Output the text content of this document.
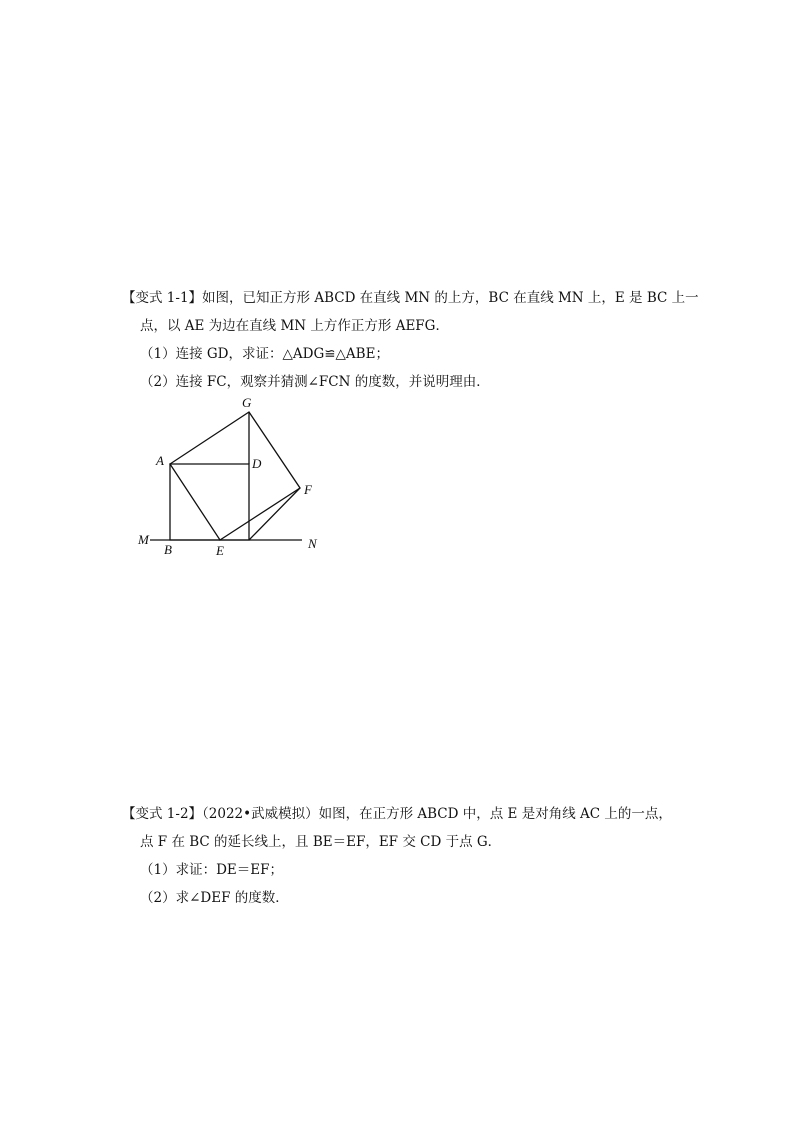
【变式 1-1】如图，已知正方形 ABCD 在直线 MN 的上方，BC 在直线 MN 上，E 是 BC 上一
点，以 AE 为边在直线 MN 上方作正方形 AEFG．
（1）连接 GD，求证：△ADG≌△ABE；
（2）连接 FC，观察并猜测∠FCN 的度数，并说明理由．
G
A	D
F
M
B	E	N
【变式 1-2】（2022•武威模拟）如图，在正方形 ABCD 中，点 E 是对角线 AC 上的一点，
点 F 在 BC 的延长线上，且 BE＝EF，EF 交 CD 于点 G．
（1）求证：DE＝EF；
（2）求∠DEF 的度数．
